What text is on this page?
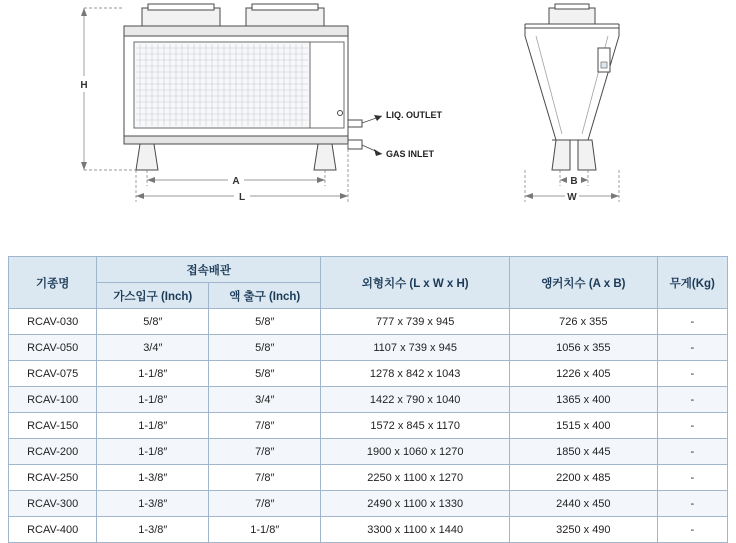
LIQ. OUTLET
GAS INLET
H
A
L
B
W
기종명	접속배관		외형치수 (L x W x H)	앵커치수 (A x B)	무게(Kg)
	가스입구 (Inch)	액 출구 (Inch)			
RCAV-030	5/8″	5/8″	777 x 739 x 945	726 x 355	-
RCAV-050	3/4″	5/8″	1107 x 739 x 945	1056 x 355	-
RCAV-075	1-1/8″	5/8″	1278 x 842 x 1043	1226 x 405	-
RCAV-100	1-1/8″	3/4″	1422 x 790 x 1040	1365 x 400	-
RCAV-150	1-1/8″	7/8″	1572 x 845 x 1170	1515 x 400	-
RCAV-200	1-1/8″	7/8″	1900 x 1060 x 1270	1850 x 445	-
RCAV-250	1-3/8″	7/8″	2250 x 1100 x 1270	2200 x 485	-
RCAV-300	1-3/8″	7/8″	2490 x 1100 x 1330	2440 x 450	-
RCAV-400	1-3/8″	1-1/8″	3300 x 1100 x 1440	3250 x 490	-
